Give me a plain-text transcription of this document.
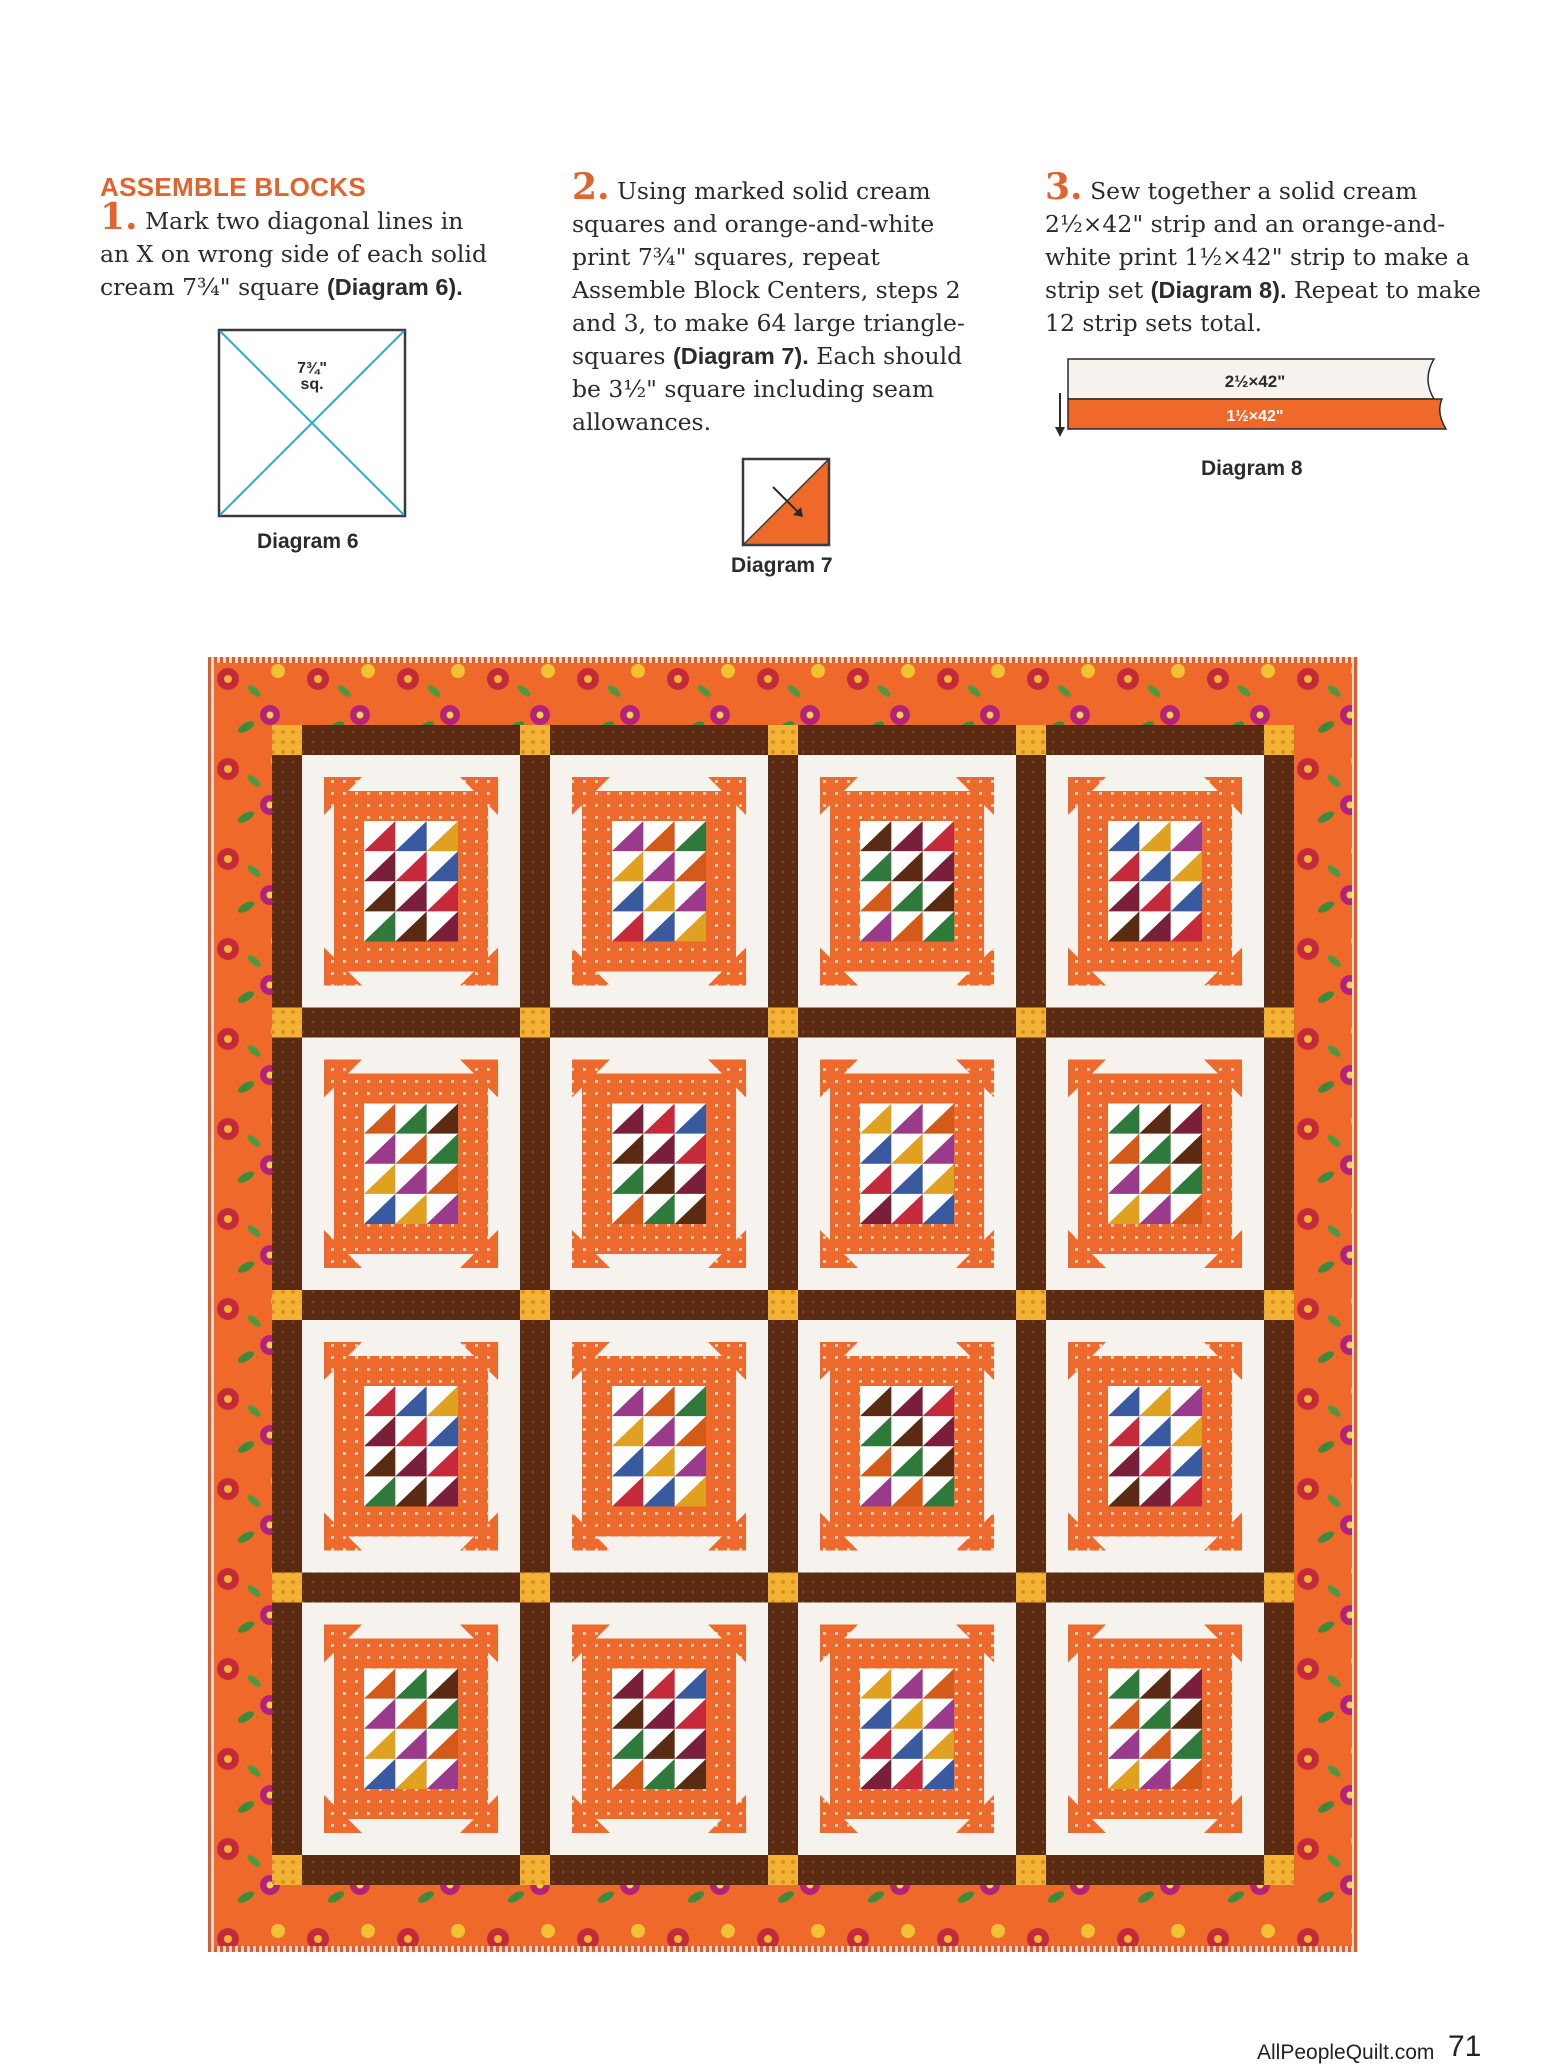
ASSEMBLE BLOCKS
1. Mark two diagonal lines in an X on wrong side of each solid cream 7¾" square (Diagram 6).
2. Using marked solid cream squares and orange-and-white print 7¾" squares, repeat Assemble Block Centers, steps 2 and 3, to make 64 large triangle-squares (Diagram 7). Each should be 3½" square including seam allowances.
3. Sew together a solid cream 2½×42" strip and an orange-and-white print 1½×42" strip to make a strip set (Diagram 8). Repeat to make 12 strip sets total.
7¾"
sq.
Diagram 6
Diagram 7
2½×42"
1½×42"
Diagram 8
AllPeopleQuilt.com 71
